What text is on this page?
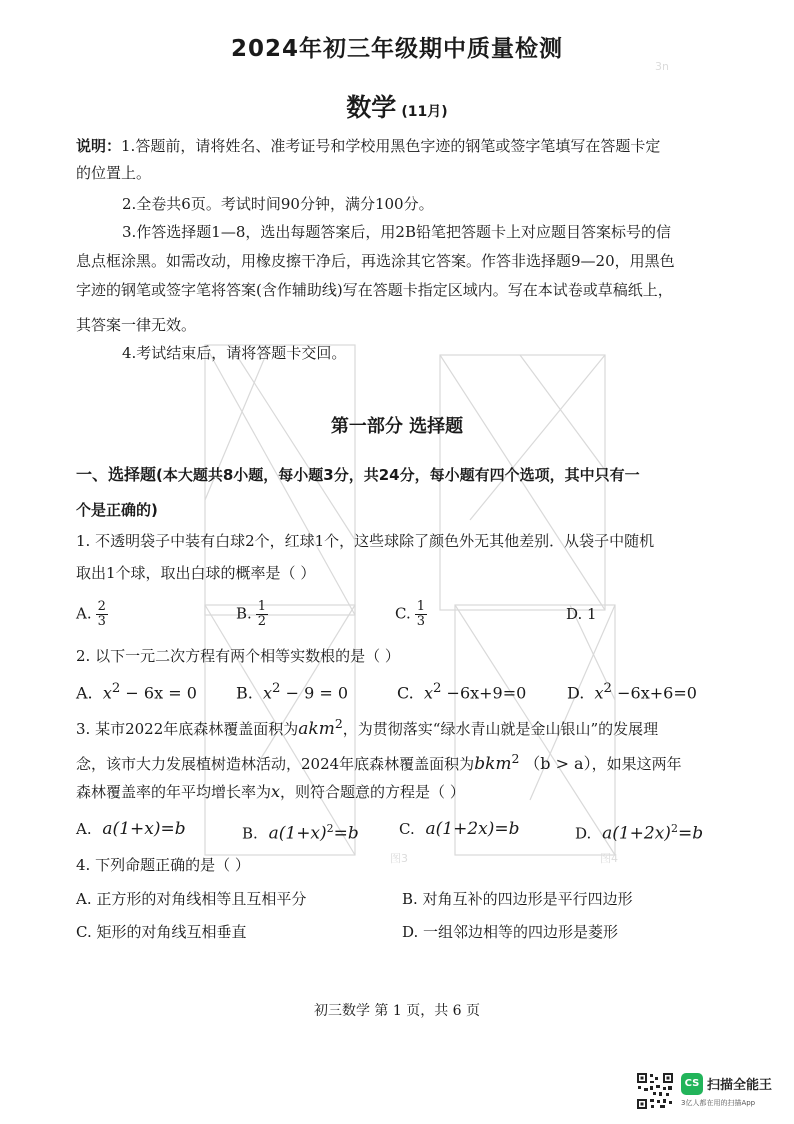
3n
图3	图4
2024年初三年级期中质量检测
数学 (11月)
说明：1.答题前，请将姓名、准考证号和学校用黑色字迹的钢笔或签字笔填写在答题卡定
的位置上。
2.全卷共6页。考试时间90分钟，满分100分。
3.作答选择题1—8，选出每题答案后，用2B铅笔把答题卡上对应题目答案标号的信
息点框涂黑。如需改动，用橡皮擦干净后，再选涂其它答案。作答非选择题9—20，用黑色
字迹的钢笔或签字笔将答案(含作辅助线)写在答题卡指定区域内。写在本试卷或草稿纸上，
其答案一律无效。
4.考试结束后，请将答题卡交回。
第一部分 选择题
一、选择题(本大题共8小题，每小题3分，共24分，每小题有四个选项，其中只有一
个是正确的)
1. 不透明袋子中装有白球2个，红球1个，这些球除了颜色外无其他差别．从袋子中随机
取出1个球，取出白球的概率是（ ）
A. $\frac{2}{3}$	B. $\frac{1}{2}$	C. $\frac{1}{3}$	D. 1
2. 以下一元二次方程有两个相等实数根的是（ ）
A. $x^2 - 6x = 0$ B. $x^2 - 9 = 0$	C. $x^2 -6x+9=0$	D. $x^2 -6x+6=0$
3. 某市2022年底森林覆盖面积为akm$^2$，为贯彻落实“绿水青山就是金山银山”的发展理
念，该市大力发展植树造林活动，2024年底森林覆盖面积为bkm$^2$ （b > a），如果这两年
森林覆盖率的年平均增长率为x，则符合题意的方程是（ ）
A. a(1+x)=b	B. $a(1+x)^2=b$	C. a(1+2x)=b	D. $a(1+2x)^2=b$
4. 下列命题正确的是（ ）
A. 正方形的对角线相等且互相平分	B. 对角互补的四边形是平行四边形
C. 矩形的对角线互相垂直	D. 一组邻边相等的四边形是菱形
初三数学 第 1 页，共 6 页
CS 扫描全能王
3亿人都在用的扫描App
